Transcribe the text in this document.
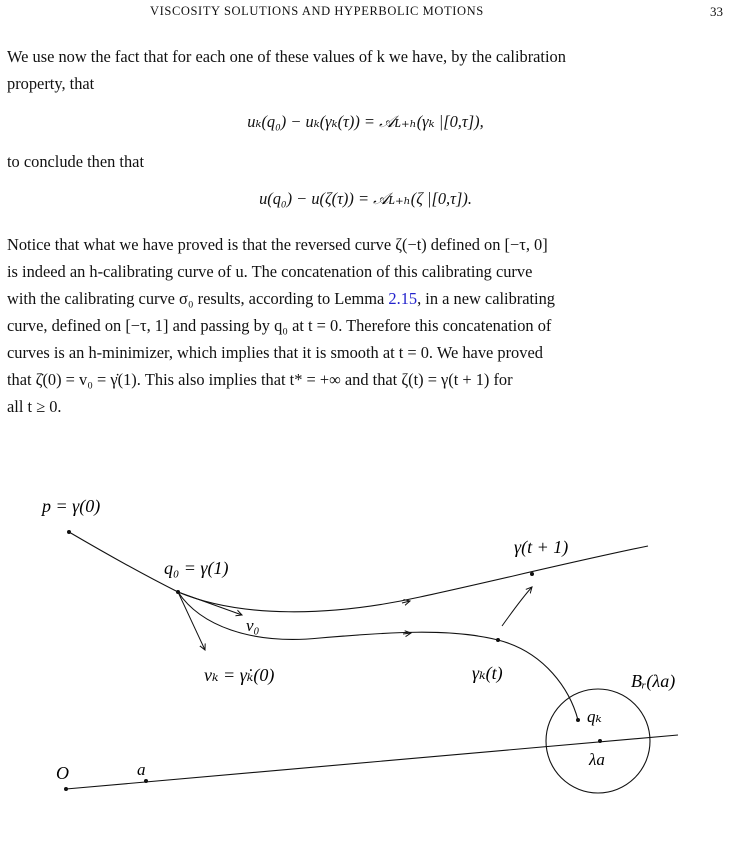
VISCOSITY SOLUTIONS AND HYPERBOLIC MOTIONS	33
We use now the fact that for each one of these values of k we have, by the calibration
property, that
uₖ(q₀) − uₖ(γₖ(τ)) = 𝒜ʟ₊ₕ(γₖ |[0,τ]),
to conclude then that
u(q₀) − u(ζ(τ)) = 𝒜ʟ₊ₕ(ζ |[0,τ]).
Notice that what we have proved is that the reversed curve ζ(−t) defined on [−τ, 0]
is indeed an h-calibrating curve of u. The concatenation of this calibrating curve
with the calibrating curve σ₀ results, according to Lemma 2.15, in a new calibrating
curve, defined on [−τ, 1] and passing by q₀ at t = 0. Therefore this concatenation of
curves is an h-minimizer, which implies that it is smooth at t = 0. We have proved
that ζ̇(0) = v₀ = γ̇(1). This also implies that t* = +∞ and that ζ(t) = γ(t + 1) for
all t ≥ 0.
p = γ(0)
q₀ = γ(1)
v₀
vₖ = γ̇ₖ(0)
γ(t + 1)
γₖ(t)	Bᵣ(λa)
qₖ
λa
O	a
